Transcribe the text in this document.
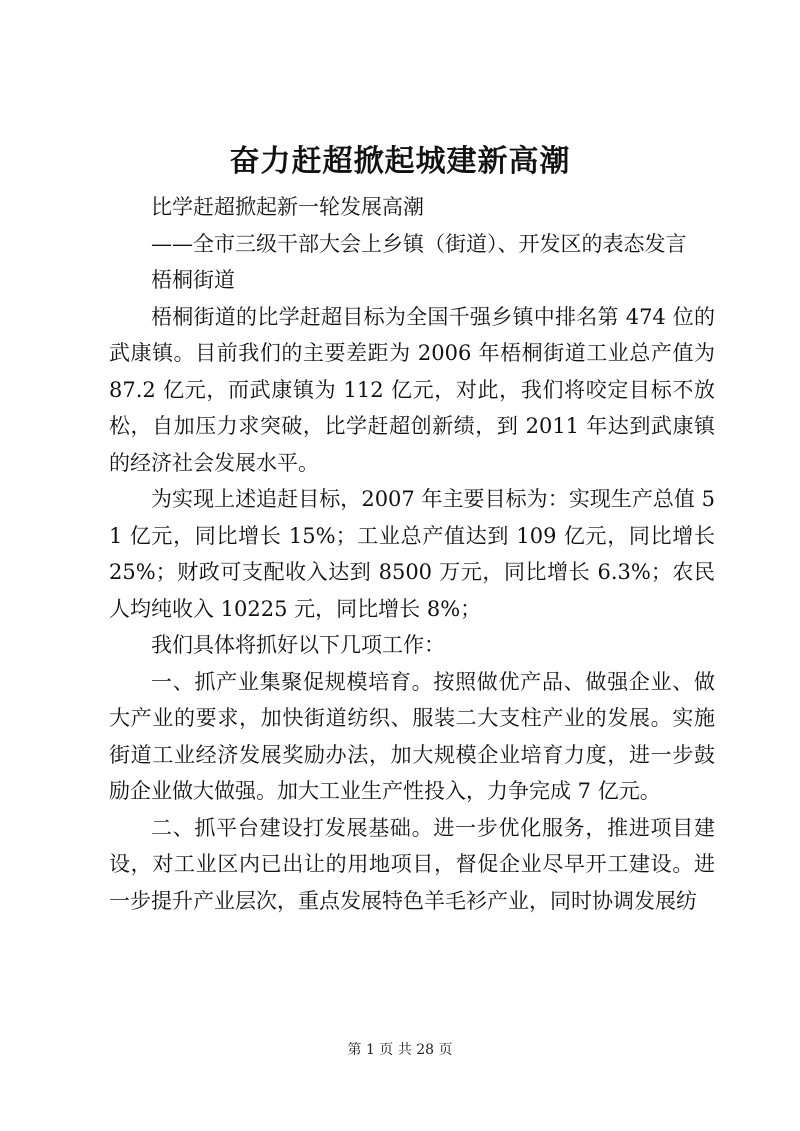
奋力赶超掀起城建新高潮

比学赶超掀起新一轮发展高潮

——全市三级干部大会上乡镇（街道）、开发区的表态发言

梧桐街道

梧桐街道的比学赶超目标为全国千强乡镇中排名第 474 位的武康镇。目前我们的主要差距为 2006 年梧桐街道工业总产值为 87.2 亿元，而武康镇为 112 亿元，对此，我们将咬定目标不放松，自加压力求突破，比学赶超创新绩，到 2011 年达到武康镇的经济社会发展水平。

为实现上述追赶目标，2007 年主要目标为：实现生产总值 51 亿元，同比增长 15%；工业总产值达到 109 亿元，同比增长 25%；财政可支配收入达到 8500 万元，同比增长 6.3%；农民人均纯收入 10225 元，同比增长 8%；

我们具体将抓好以下几项工作：

一、抓产业集聚促规模培育。按照做优产品、做强企业、做大产业的要求，加快街道纺织、服装二大支柱产业的发展。实施街道工业经济发展奖励办法，加大规模企业培育力度，进一步鼓励企业做大做强。加大工业生产性投入，力争完成 7 亿元。

二、抓平台建设打发展基础。进一步优化服务，推进项目建设，对工业区内已出让的用地项目，督促企业尽早开工建设。进一步提升产业层次，重点发展特色羊毛衫产业，同时协调发展纺

第 1 页 共 28 页
